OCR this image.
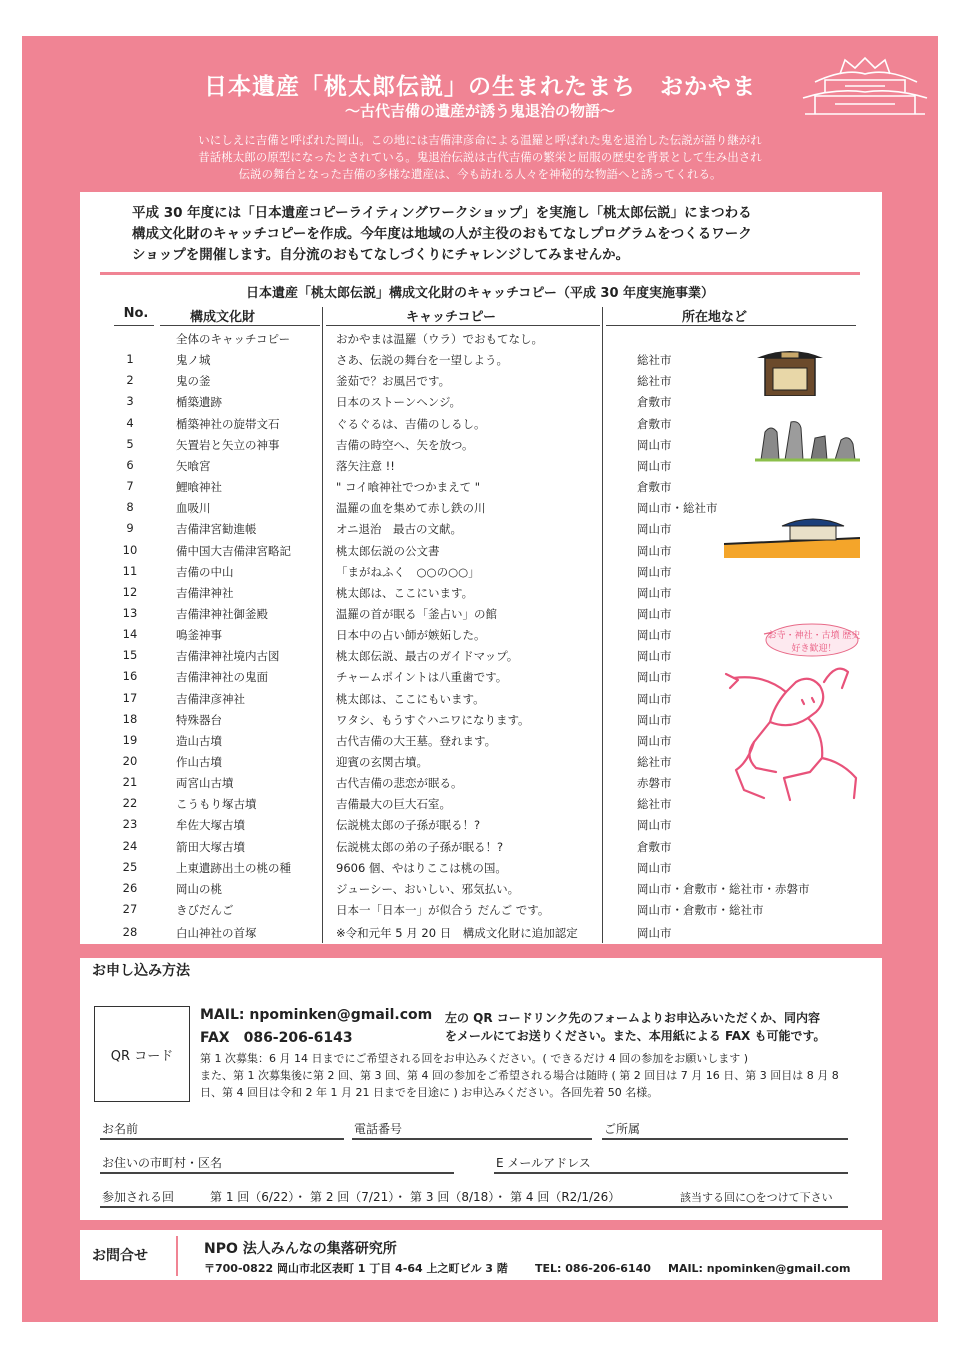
日本遺産「桃太郎伝説」の生まれたまち　おかやま
〜古代吉備の遺産が誘う鬼退治の物語〜
いにしえに吉備と呼ばれた岡山。この地には吉備津彦命による温羅と呼ばれた鬼を退治した伝説が語り継がれ
昔話桃太郎の原型になったとされている。鬼退治伝説は古代吉備の繁栄と屈服の歴史を背景として生み出され
伝説の舞台となった吉備の多様な遺産は、今も訪れる人々を神秘的な物語へと誘ってくれる。
平成 30 年度には「日本遺産コピーライティングワークショップ」を実施し「桃太郎伝説」にまつわる
構成文化財のキャッチコピーを作成。今年度は地域の人が主役のおもてなしプログラムをつくるワーク
ショップを開催します。自分流のおもてなしづくりにチャレンジしてみませんか。
日本遺産「桃太郎伝説」構成文化財のキャッチコピー（平成 30 年度実施事業）
No.	構成文化財	キャッチコピー	所在地など
全体のキャッチコピー	おかやまは温羅（ウラ）でおもてなし。
1	鬼ノ城	さあ、伝説の舞台を一望しよう。	総社市
2	鬼の釜	釜茹で？お風呂です。	総社市
3	楯築遺跡	日本のストーンヘンジ。	倉敷市
4	楯築神社の旋帯文石	ぐるぐるは、吉備のしるし。	倉敷市
5	矢置岩と矢立の神事	吉備の時空へ、矢を放つ。	岡山市
6	矢喰宮	落矢注意 !!	岡山市
7	鯉喰神社	" コイ喰神社でつかまえて "	倉敷市
8	血吸川	温羅の血を集めて赤し鉄の川	岡山市・総社市
9	吉備津宮勧進帳	オニ退治　最古の文献。	岡山市
10	備中国大吉備津宮略記	桃太郎伝説の公文書	岡山市
11	吉備の中山	「まがねふく　○○の○○」	岡山市
12	吉備津神社	桃太郎は、ここにいます。	岡山市
13	吉備津神社御釜殿	温羅の首が眠る「釜占い」の館	岡山市
14	鳴釜神事	日本中の占い師が嫉妬した。	岡山市
15	吉備津神社境内古図	桃太郎伝説、最古のガイドマップ。	岡山市
16	吉備津神社の鬼面	チャームポイントは八重歯です。	岡山市
17	吉備津彦神社	桃太郎は、ここにもいます。	岡山市
18	特殊器台	ワタシ、もうすぐハニワになります。	岡山市
19	造山古墳	古代吉備の大王墓。登れます。	岡山市
20	作山古墳	迎賓の玄関古墳。	総社市
21	両宮山古墳	古代吉備の悲恋が眠る。	赤磐市
22	こうもり塚古墳	吉備最大の巨大石室。	総社市
23	牟佐大塚古墳	伝説桃太郎の子孫が眠る！?	岡山市
24	箭田大塚古墳	伝説桃太郎の弟の子孫が眠る！?	倉敷市
25	上東遺跡出土の桃の種	9606 個、やはりここは桃の国。	岡山市
26	岡山の桃	ジューシー、おいしい、邪気払い。	岡山市・倉敷市・総社市・赤磐市
27	きびだんご	日本一「日本一」が似合う だんご です。	岡山市・倉敷市・総社市
28	白山神社の首塚	※令和元年 5 月 20 日　構成文化財に追加認定	岡山市
お寺・神社・古墳 歴史好き歓迎！
お申し込み方法
QR コード
MAIL: npominken@gmail.com
FAX　086-206-6143
左の QR コードリンク先のフォームよりお申込みいただくか、同内容
をメールにてお送りください。また、本用紙による FAX も可能です。
第 1 次募集：6 月 14 日までにご希望される回をお申込みください。( できるだけ 4 回の参加をお願いします )
また、第 1 次募集後に第 2 回、第 3 回、第 4 回の参加をご希望される場合は随時 ( 第 2 回目は 7 月 16 日、第 3 回目は 8 月 8
日、第 4 回目は令和 2 年 1 月 21 日までを目途に ) お申込みください。各回先着 50 名様。
お名前	電話番号	ご所属
お住いの市町村・区名	E メールアドレス
参加される回	第 1 回（6/22）・ 第 2 回（7/21）・ 第 3 回（8/18）・ 第 4 回（R2/1/26）	該当する回に○をつけて下さい
お問合せ	NPO 法人みんなの集落研究所
〒700-0822 岡山市北区表町 1 丁目 4-64 上之町ビル 3 階 TEL: 086-206-6140 MAIL: npominken@gmail.com
